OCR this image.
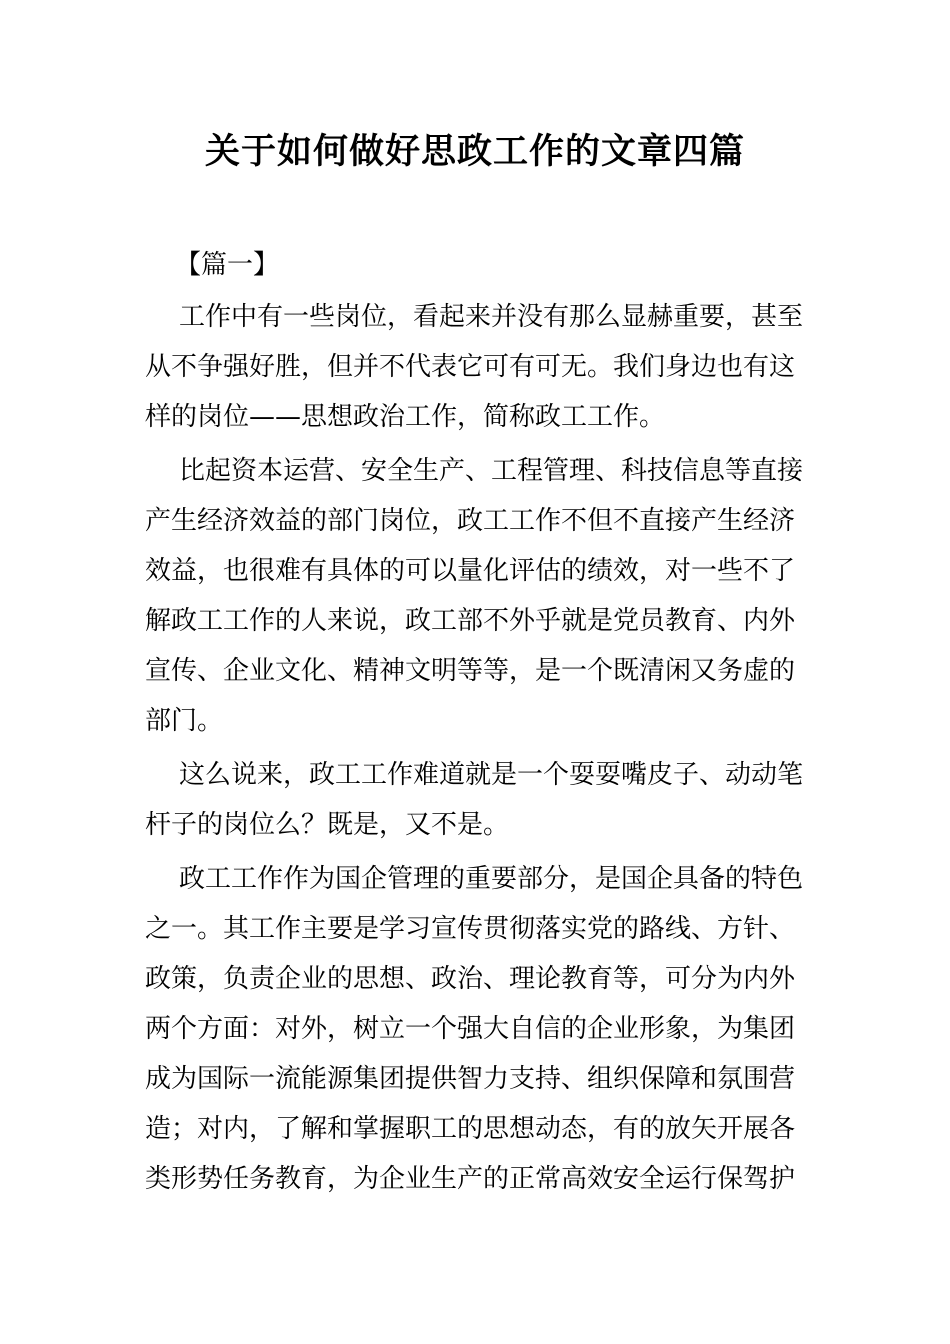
关于如何做好思政工作的文章四篇
【篇一】
工作中有一些岗位，看起来并没有那么显赫重要，甚至
从不争强好胜，但并不代表它可有可无。我们身边也有这
样的岗位——思想政治工作，简称政工工作。
比起资本运营、安全生产、工程管理、科技信息等直接
产生经济效益的部门岗位，政工工作不但不直接产生经济
效益，也很难有具体的可以量化评估的绩效，对一些不了
解政工工作的人来说，政工部不外乎就是党员教育、内外
宣传、企业文化、精神文明等等，是一个既清闲又务虚的
部门。
这么说来，政工工作难道就是一个耍耍嘴皮子、动动笔
杆子的岗位么？既是，又不是。
政工工作作为国企管理的重要部分，是国企具备的特色
之一。其工作主要是学习宣传贯彻落实党的路线、方针、
政策，负责企业的思想、政治、理论教育等，可分为内外
两个方面：对外，树立一个强大自信的企业形象，为集团
成为国际一流能源集团提供智力支持、组织保障和氛围营
造；对内，了解和掌握职工的思想动态，有的放矢开展各
类形势任务教育，为企业生产的正常高效安全运行保驾护
